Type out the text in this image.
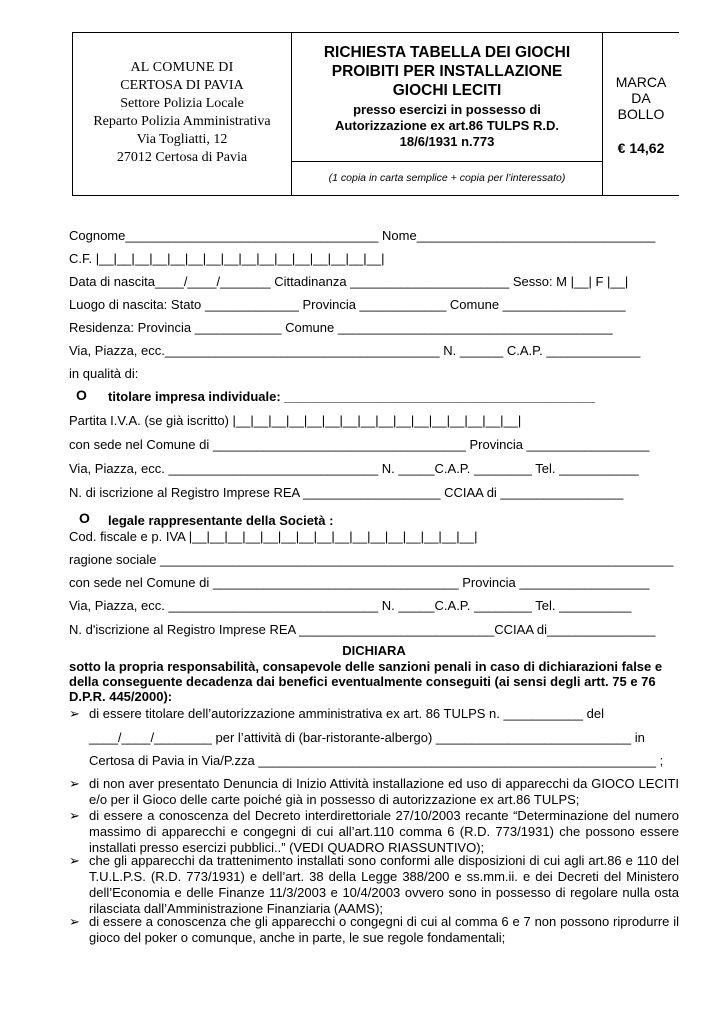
AL COMUNE DI
CERTOSA DI PAVIA
Settore Polizia Locale
Reparto Polizia Amministrativa
Via Togliatti, 12
27012 Certosa di Pavia
RICHIESTA TABELLA DEI GIOCHI
PROIBITI PER INSTALLAZIONE
GIOCHI LECITI
presso esercizi in possesso di
Autorizzazione ex art.86 TULPS R.D.
18/6/1931 n.773
(1 copia in carta semplice + copia per l’interessato)
MARCA
DA
BOLLO
€ 14,62
Cognome___________________________________ Nome_________________________________
C.F. |__|__|__|__|__|__|__|__|__|__|__|__|__|__|__|__|
Data di nascita____/____/_______ Cittadinanza ______________________ Sesso: M |__| F |__|
Luogo di nascita: Stato _____________ Provincia ____________ Comune _________________
Residenza: Provincia ____________ Comune ______________________________________
Via, Piazza, ecc.______________________________________ N. ______ C.A.P. _____________
in qualità di:
O titolare impresa individuale: ___________________________________________
Partita I.V.A. (se già iscritto) |__|__|__|__|__|__|__|__|__|__|__|__|__|__|__|__|
con sede nel Comune di ___________________________________ Provincia _________________
Via, Piazza, ecc. _____________________________ N. _____C.A.P. ________ Tel. ___________
N. di iscrizione al Registro Imprese REA ___________________ CCIAA di _________________
O legale rappresentante della Società :
Cod. fiscale e p. IVA |__|__|__|__|__|__|__|__|__|__|__|__|__|__|__|__|
ragione sociale _______________________________________________________________________
con sede nel Comune di __________________________________ Provincia __________________
Via, Piazza, ecc. _____________________________ N. _____C.A.P. ________ Tel. __________
N. d'iscrizione al Registro Imprese REA ___________________________CCIAA di_______________
DICHIARA
sotto la propria responsabilità, consapevole delle sanzioni penali in caso di dichiarazioni false e della conseguente decadenza dai benefici eventualmente conseguiti (ai sensi degli artt. 75 e 76 D.P.R. 445/2000):
➢ di essere titolare dell’autorizzazione amministrativa ex art. 86 TULPS n. ___________ del
____/____/________ per l’attività di (bar-ristorante-albergo) ___________________________ in
Certosa di Pavia in Via/P.zza _______________________________________________________ ;
➢ di non aver presentato Denuncia di Inizio Attività installazione ed uso di apparecchi da GIOCO LECITI e/o per il Gioco delle carte poiché già in possesso di autorizzazione ex art.86 TULPS;
➢ di essere a conoscenza del Decreto interdirettoriale 27/10/2003 recante “Determinazione del numero massimo di apparecchi e congegni di cui all’art.110 comma 6 (R.D. 773/1931) che possono essere installati presso esercizi pubblici..” (VEDI QUADRO RIASSUNTIVO);
➢ che gli apparecchi da trattenimento installati sono conformi alle disposizioni di cui agli art.86 e 110 del T.U.L.P.S. (R.D. 773/1931) e dell’art. 38 della Legge 388/200 e ss.mm.ii. e dei Decreti del Ministero dell’Economia e delle Finanze 11/3/2003 e 10/4/2003 ovvero sono in possesso di regolare nulla osta rilasciata dall’Amministrazione Finanziaria (AAMS);
➢ di essere a conoscenza che gli apparecchi o congegni di cui al comma 6 e 7 non possono riprodurre il gioco del poker o comunque, anche in parte, le sue regole fondamentali;
